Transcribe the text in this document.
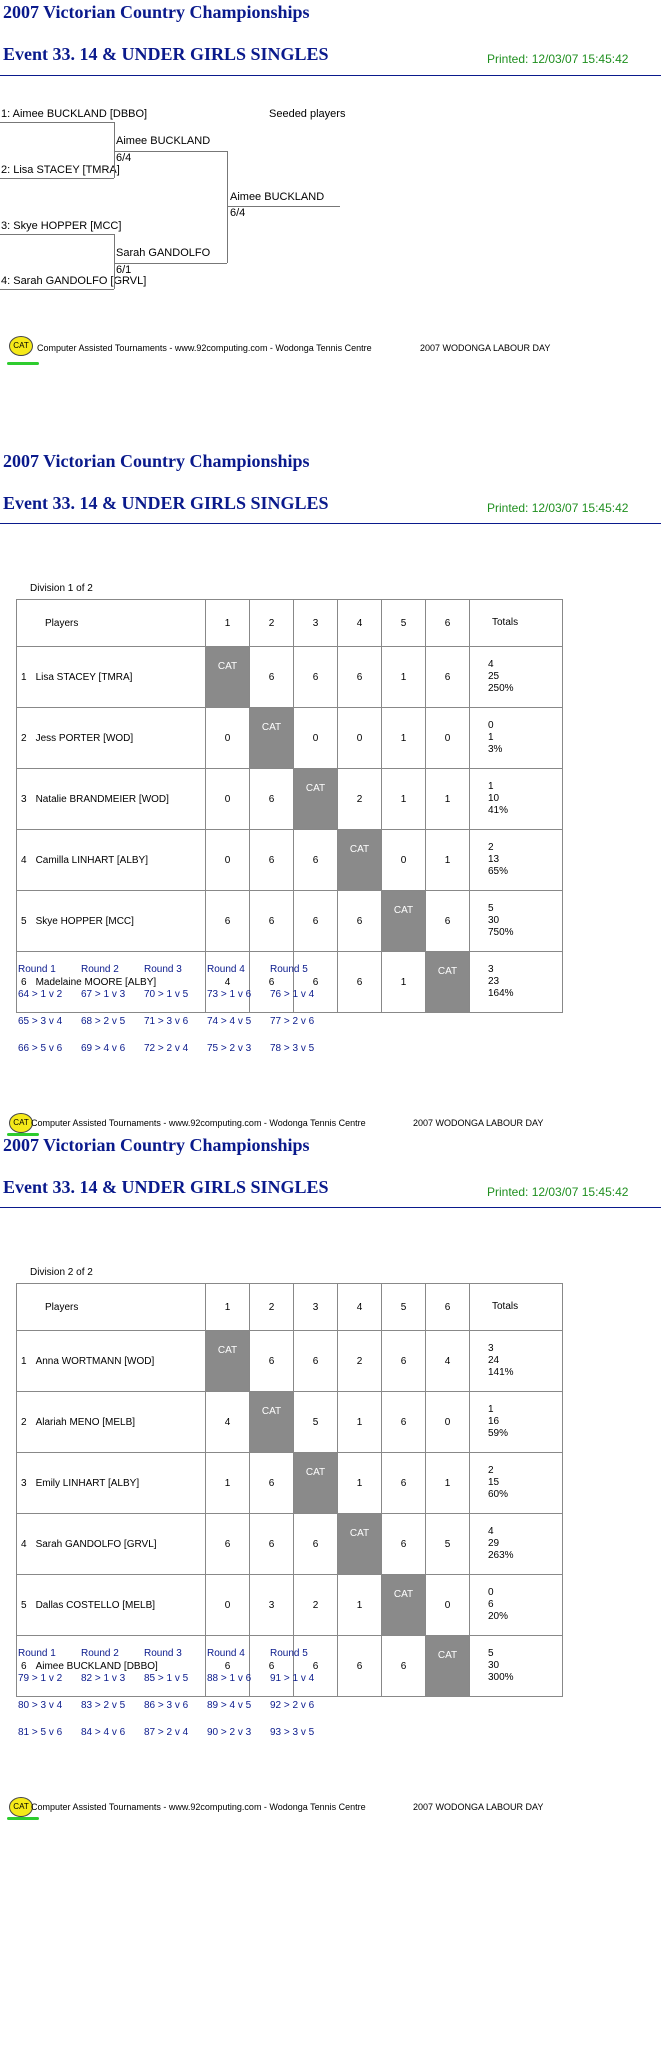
2007 Victorian Country Championships
Event 33. 14 & UNDER GIRLS SINGLES	Printed: 12/03/07 15:45:42
Seeded players
1: Aimee BUCKLAND [DBBO]
2: Lisa STACEY [TMRA]
3: Skye HOPPER [MCC]
4: Sarah GANDOLFO [GRVL]
Aimee BUCKLAND
6/4
Sarah GANDOLFO
6/1
Aimee BUCKLAND
6/4
CAT Computer Assisted Tournaments - www.92computing.com - Wodonga Tennis Centre	2007 WODONGA LABOUR DAY
2007 Victorian Country Championships
Event 33. 14 & UNDER GIRLS SINGLES	Printed: 12/03/07 15:45:42
Division 1 of 2
Players	1	2	3	4	5	6	Totals
1 Lisa STACEY [TMRA]	CAT	6	6	6	1	6	4
25
250%

2 Jess PORTER [WOD]	0	CAT	0	0	1	0	0
1
3%

3 Natalie BRANDMEIER [WOD]	0	6	CAT	2	1	1	1
10
41%

4 Camilla LINHART [ALBY]	0	6	6	CAT	0	1	2
13
65%

5 Skye HOPPER [MCC]	6	6	6	6	CAT	6	5
30
750%

6 Madelaine MOORE [ALBY]	4	6	6	6	1	CAT	3
23
164%
Round 1
64 > 1 v 2
65 > 3 v 4
66 > 5 v 6
Round 2
67 > 1 v 3
68 > 2 v 5
69 > 4 v 6
Round 3
70 > 1 v 5
71 > 3 v 6
72 > 2 v 4
Round 4
73 > 1 v 6
74 > 4 v 5
75 > 2 v 3
Round 5
76 > 1 v 4
77 > 2 v 6
78 > 3 v 5
CAT Computer Assisted Tournaments - www.92computing.com - Wodonga Tennis Centre	2007 WODONGA LABOUR DAY
2007 Victorian Country Championships
Event 33. 14 & UNDER GIRLS SINGLES	Printed: 12/03/07 15:45:42
Division 2 of 2
Players	1	2	3	4	5	6	Totals
1 Anna WORTMANN [WOD]	CAT	6	6	2	6	4	3
24
141%

2 Alariah MENO [MELB]	4	CAT	5	1	6	0	1
16
59%

3 Emily LINHART [ALBY]	1	6	CAT	1	6	1	2
15
60%

4 Sarah GANDOLFO [GRVL]	6	6	6	CAT	6	5	4
29
263%

5 Dallas COSTELLO [MELB]	0	3	2	1	CAT	0	0
6
20%

6 Aimee BUCKLAND [DBBO]	6	6	6	6	6	CAT	5
30
300%
Round 1
79 > 1 v 2
80 > 3 v 4
81 > 5 v 6
Round 2
82 > 1 v 3
83 > 2 v 5
84 > 4 v 6
Round 3
85 > 1 v 5
86 > 3 v 6
87 > 2 v 4
Round 4
88 > 1 v 6
89 > 4 v 5
90 > 2 v 3
Round 5
91 > 1 v 4
92 > 2 v 6
93 > 3 v 5
CAT Computer Assisted Tournaments - www.92computing.com - Wodonga Tennis Centre	2007 WODONGA LABOUR DAY
